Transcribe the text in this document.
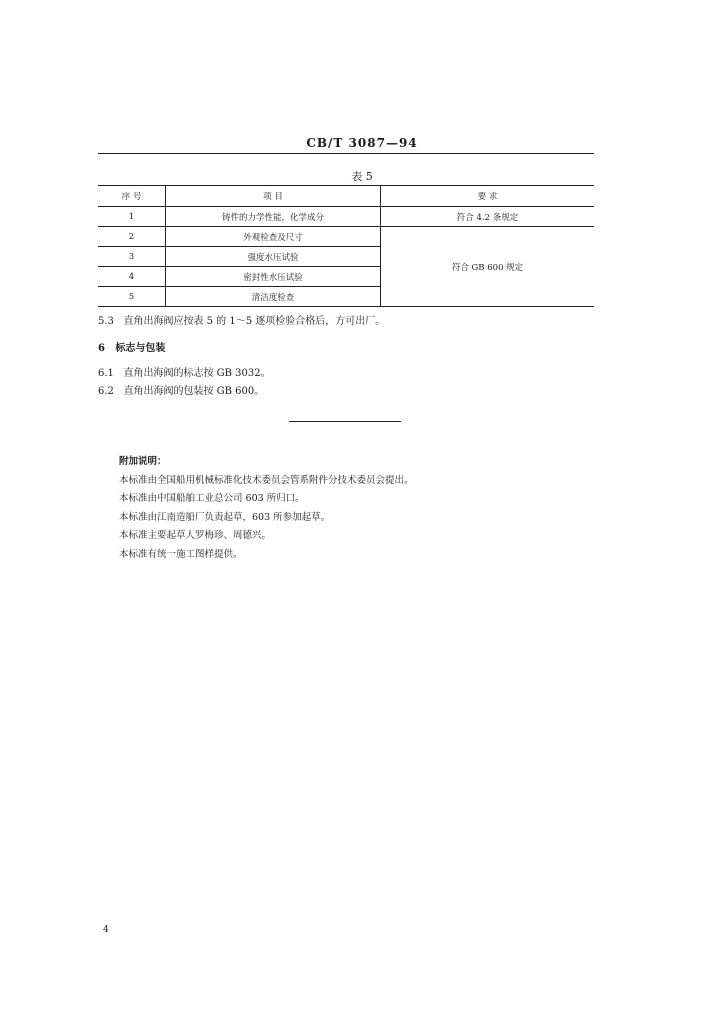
CB/T 3087—94
表 5
序 号	项 目	要 求
1	铸件的力学性能，化学成分	符合 4.2 条规定
2	外观检查及尺寸	符合 GB 600 规定
3	强度水压试验	
4	密封性水压试验	
5	清洁度检查	
5.3 直角出海阀应按表 5 的 1～5 逐项检验合格后，方可出厂。
6 标志与包装
6.1 直角出海阀的标志按 GB 3032。
6.2 直角出海阀的包装按 GB 600。
附加说明：
本标准由全国船用机械标准化技术委员会管系附件分技术委员会提出。
本标准由中国船舶工业总公司 603 所归口。
本标准由江南造船厂负责起草，603 所参加起草。
本标准主要起草人罗梅珍、周德兴。
本标准有统一施工图样提供。
4
